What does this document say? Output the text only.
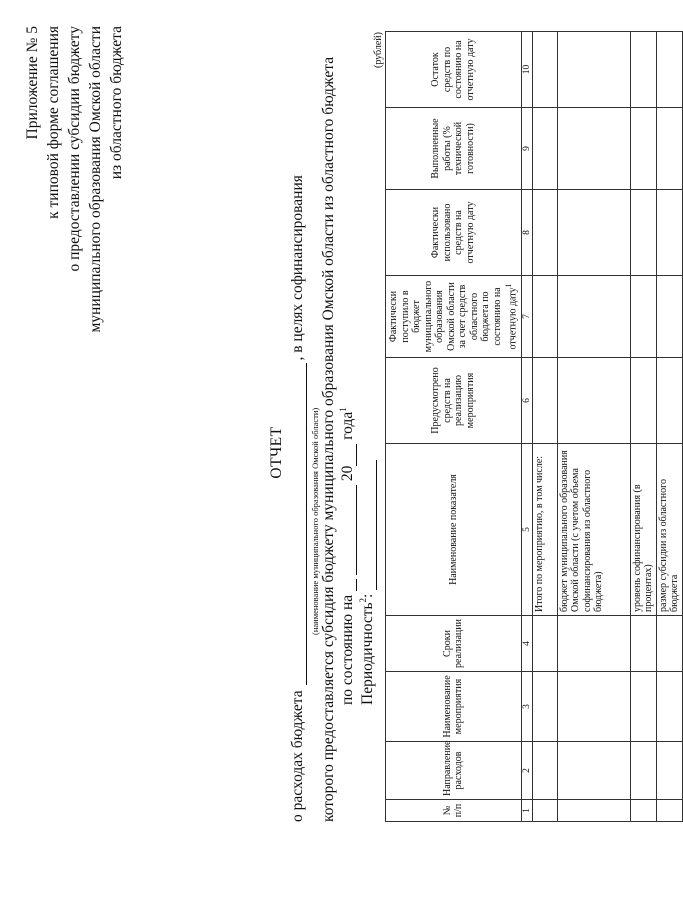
Приложение № 5 к типовой форме соглашения о предоставлении субсидии бюджету муниципального образования Омской области из областного бюджета
ОТЧЕТ
о расходах бюджета , в целях софинансирования
(наименование муниципального образования Омской области) которого предоставляется субсидия бюджету муниципального образования Омской области из областного бюджета по состоянию на   20 года$^1$
Периодичность$^2$:
(рублей)
№ п/п	Направление расходов	Наименование мероприятия	Сроки реализации	Наименование показателя	Предусмотрено средств на реализацию мероприятия	Фактически поступило в бюджет муниципального образования Омской области за счет средств областного бюджета по состоянию на отчетную дату$^1$	Фактически использовано средств на отчетную дату	Выполненные работы (% технической готовности)	Остаток средств по состоянию на отчетную дату
1	2	3	4	5	6	7	8	9	10
				Итого по мероприятию, в том числе:					
				бюджет муниципального образования Омской области (с учетом объема софинансирования из областного бюджета)					
				уровень софинансирования (в процентах)					
				размер субсидии из областного бюджета					
